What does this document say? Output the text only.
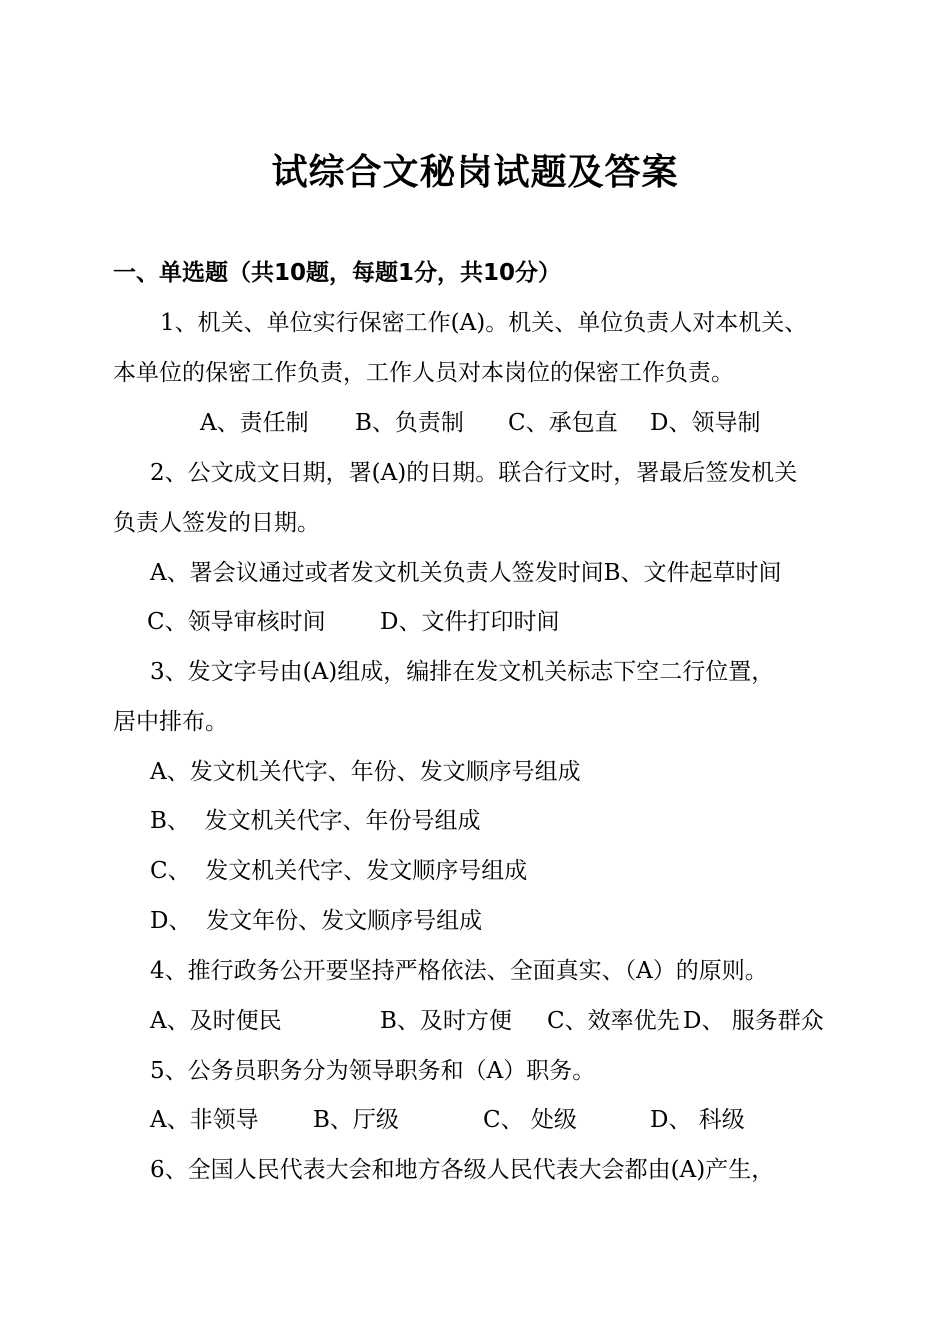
试综合文秘岗试题及答案
一、单选题（共10题，每题1分，共10分）
1、机关、单位实行保密工作(A)。机关、单位负责人对本机关、
本单位的保密工作负责，工作人员对本岗位的保密工作负责。
A、责任制 B、负责制 C、承包直 D、领导制
2、公文成文日期，署(A)的日期。联合行文时，署最后签发机关
负责人签发的日期。
A、署会议通过或者发文机关负责人签发时间B、文件起草时间
C、领导审核时间 D、文件打印时间
3、发文字号由(A)组成，编排在发文机关标志下空二行位置，
居中排布。
A、发文机关代字、年份、发文顺序号组成
B、  发文机关代字、年份号组成
C、  发文机关代字、发文顺序号组成
D、  发文年份、发文顺序号组成
4、推行政务公开要坚持严格依法、全面真实、（A）的原则。
A、及时便民	B、及时方便 C、效率优先 D、 服务群众
5、公务员职务分为领导职务和（A）职务。
A、非领导 B、厅级	C、 处级	D、 科级
6、全国人民代表大会和地方各级人民代表大会都由(A)产生，
